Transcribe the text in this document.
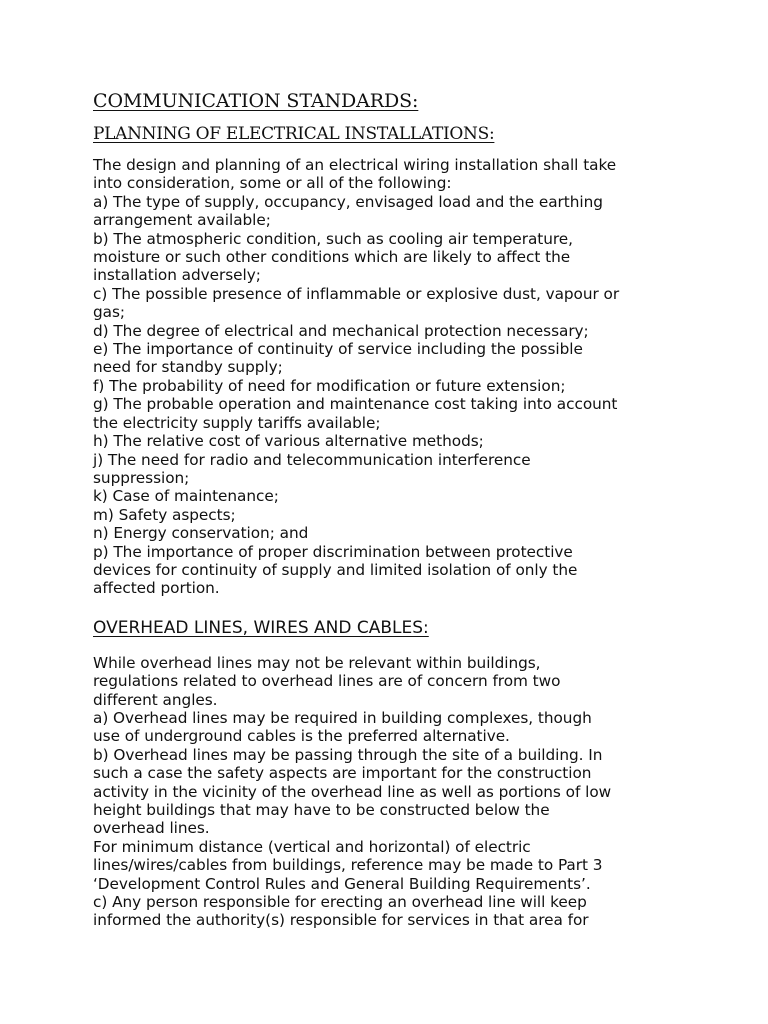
COMMUNICATION STANDARDS:
PLANNING OF ELECTRICAL INSTALLATIONS:

The design and planning of an electrical wiring installation shall take
into consideration, some or all of the following:
a) The type of supply, occupancy, envisaged load and the earthing
arrangement available;
b) The atmospheric condition, such as cooling air temperature,
moisture or such other conditions which are likely to affect the
installation adversely;
c) The possible presence of inflammable or explosive dust, vapour or
gas;
d) The degree of electrical and mechanical protection necessary;
e) The importance of continuity of service including the possible
need for standby supply;
f) The probability of need for modification or future extension;
g) The probable operation and maintenance cost taking into account
the electricity supply tariffs available;
h) The relative cost of various alternative methods;
j) The need for radio and telecommunication interference
suppression;
k) Case of maintenance;
m) Safety aspects;
n) Energy conservation; and
p) The importance of proper discrimination between protective
devices for continuity of supply and limited isolation of only the
affected portion.

OVERHEAD LINES, WIRES AND CABLES:

While overhead lines may not be relevant within buildings,
regulations related to overhead lines are of concern from two
different angles.
a) Overhead lines may be required in building complexes, though
use of underground cables is the preferred alternative.
b) Overhead lines may be passing through the site of a building. In
such a case the safety aspects are important for the construction
activity in the vicinity of the overhead line as well as portions of low
height buildings that may have to be constructed below the
overhead lines.
For minimum distance (vertical and horizontal) of electric
lines/wires/cables from buildings, reference may be made to Part 3
‘Development Control Rules and General Building Requirements’.
c) Any person responsible for erecting an overhead line will keep
informed the authority(s) responsible for services in that area for
